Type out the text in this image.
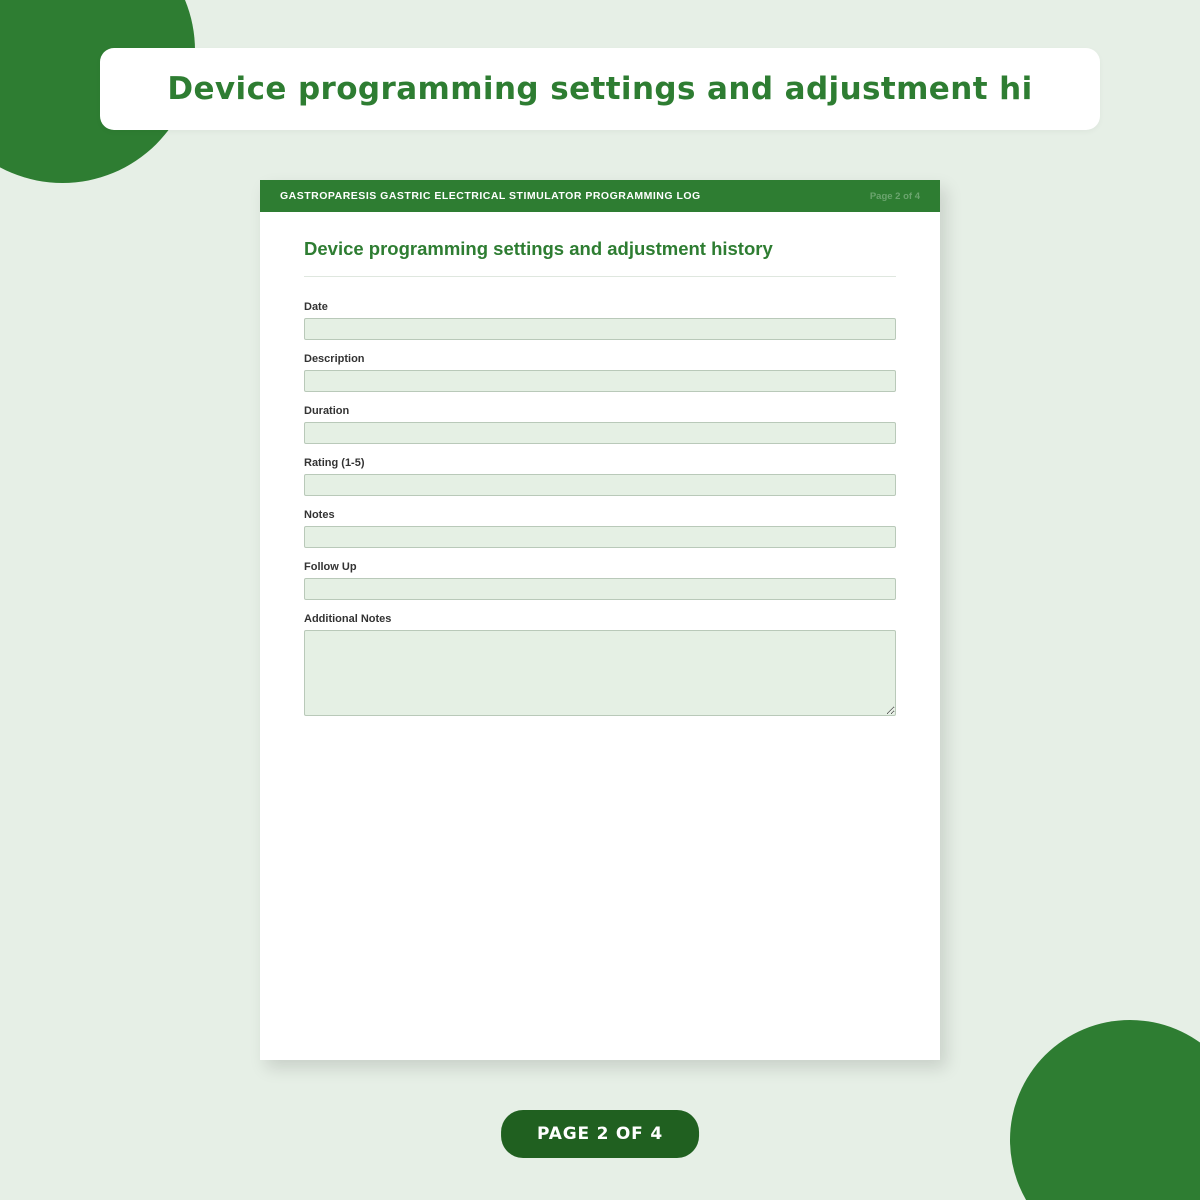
Device programming settings and adjustment hi
GASTROPARESIS GASTRIC ELECTRICAL STIMULATOR PROGRAMMING LOG	Page 2 of 4
Device programming settings and adjustment history
Date
Description
Duration
Rating (1-5)
Notes
Follow Up
Additional Notes
PAGE 2 OF 4
